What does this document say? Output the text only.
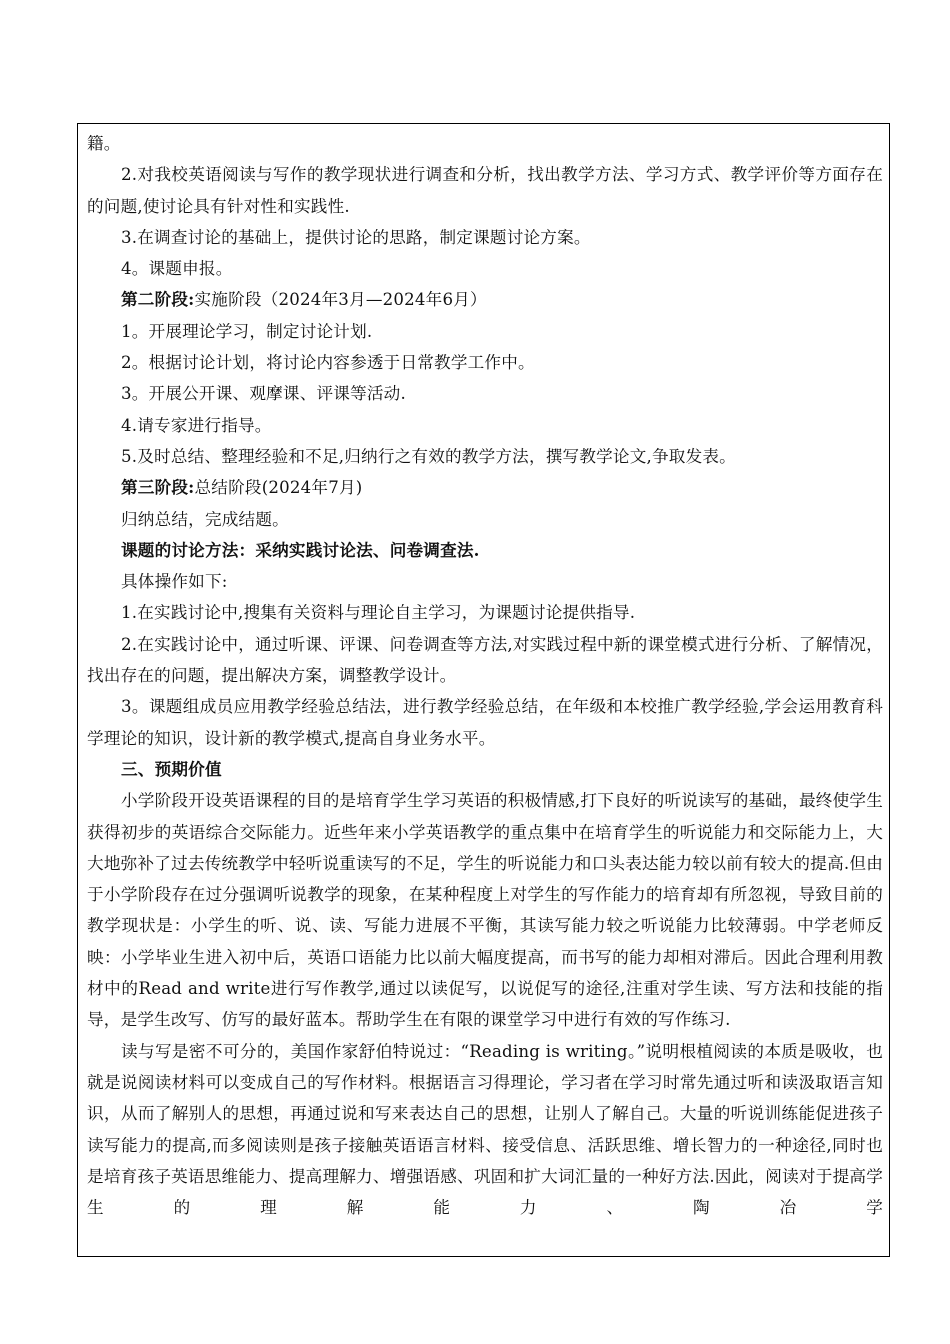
籍。

2.对我校英语阅读与写作的教学现状进行调查和分析，找出教学方法、学习方式、教学评价等方面存在的问题,使讨论具有针对性和实践性.

3.在调查讨论的基础上，提供讨论的思路，制定课题讨论方案。

4。课题申报。

第二阶段:实施阶段（2024年3月—2024年6月）

1。开展理论学习，制定讨论计划.

2。根据讨论计划，将讨论内容参透于日常教学工作中。

3。开展公开课、观摩课、评课等活动.

4.请专家进行指导。

5.及时总结、整理经验和不足,归纳行之有效的教学方法，撰写教学论文,争取发表。

第三阶段:总结阶段(2024年7月)

归纳总结，完成结题。

课题的讨论方法：采纳实践讨论法、问卷调查法.

具体操作如下:

1.在实践讨论中,搜集有关资料与理论自主学习，为课题讨论提供指导.

2.在实践讨论中，通过听课、评课、问卷调查等方法,对实践过程中新的课堂模式进行分析、了解情况，找出存在的问题，提出解决方案，调整教学设计。

3。课题组成员应用教学经验总结法，进行教学经验总结，在年级和本校推广教学经验,学会运用教育科学理论的知识，设计新的教学模式,提高自身业务水平。

三、预期价值

小学阶段开设英语课程的目的是培育学生学习英语的积极情感,打下良好的听说读写的基础，最终使学生获得初步的英语综合交际能力。近些年来小学英语教学的重点集中在培育学生的听说能力和交际能力上，大大地弥补了过去传统教学中轻听说重读写的不足，学生的听说能力和口头表达能力较以前有较大的提高.但由于小学阶段存在过分强调听说教学的现象，在某种程度上对学生的写作能力的培育却有所忽视，导致目前的教学现状是：小学生的听、说、读、写能力进展不平衡，其读写能力较之听说能力比较薄弱。中学老师反映：小学毕业生进入初中后，英语口语能力比以前大幅度提高，而书写的能力却相对滞后。因此合理利用教材中的Read and write进行写作教学,通过以读促写，以说促写的途径,注重对学生读、写方法和技能的指导，是学生改写、仿写的最好蓝本。帮助学生在有限的课堂学习中进行有效的写作练习.

读与写是密不可分的，美国作家舒伯特说过：“Reading is writing。”说明根植阅读的本质是吸收，也就是说阅读材料可以变成自己的写作材料。根据语言习得理论，学习者在学习时常先通过听和读汲取语言知识，从而了解别人的思想，再通过说和写来表达自己的思想，让别人了解自己。大量的听说训练能促进孩子读写能力的提高,而多阅读则是孩子接触英语语言材料、接受信息、活跃思维、增长智力的一种途径,同时也是培育孩子英语思维能力、提高理解力、增强语感、巩固和扩大词汇量的一种好方法.因此，阅读对于提高学生的理解能力、陶冶学
